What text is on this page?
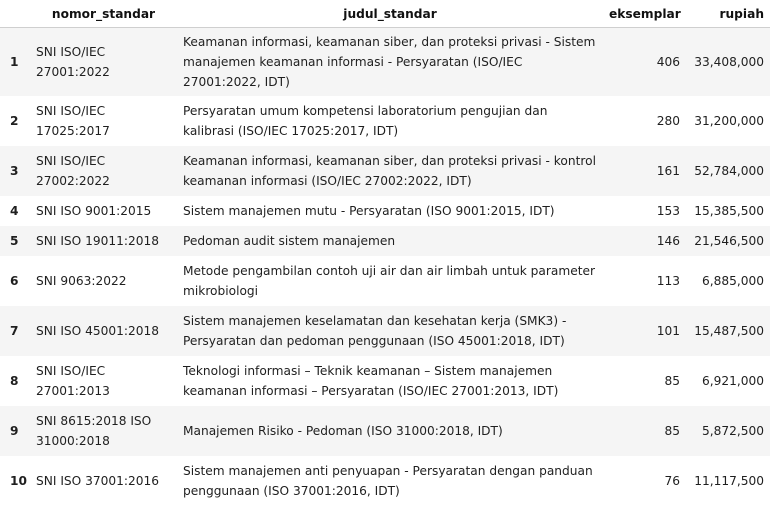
	nomor_standar	judul_standar	eksemplar	rupiah
1	SNI ISO/IEC 27001:2022	Keamanan informasi, keamanan siber, dan proteksi privasi - Sistem manajemen keamanan informasi - Persyaratan (ISO/IEC 27001:2022, IDT)	406	33,408,000
2	SNI ISO/IEC 17025:2017	Persyaratan umum kompetensi laboratorium pengujian dan kalibrasi (ISO/IEC 17025:2017, IDT)	280	31,200,000
3	SNI ISO/IEC 27002:2022	Keamanan informasi, keamanan siber, dan proteksi privasi - kontrol keamanan informasi (ISO/IEC 27002:2022, IDT)	161	52,784,000
4	SNI ISO 9001:2015	Sistem manajemen mutu - Persyaratan (ISO 9001:2015, IDT)	153	15,385,500
5	SNI ISO 19011:2018	Pedoman audit sistem manajemen	146	21,546,500
6	SNI 9063:2022	Metode pengambilan contoh uji air dan air limbah untuk parameter mikrobiologi	113	6,885,000
7	SNI ISO 45001:2018	Sistem manajemen keselamatan dan kesehatan kerja (SMK3) - Persyaratan dan pedoman penggunaan (ISO 45001:2018, IDT)	101	15,487,500
8	SNI ISO/IEC 27001:2013	Teknologi informasi – Teknik keamanan – Sistem manajemen keamanan informasi – Persyaratan (ISO/IEC 27001:2013, IDT)	85	6,921,000
9	SNI 8615:2018 ISO 31000:2018	Manajemen Risiko - Pedoman (ISO 31000:2018, IDT)	85	5,872,500
10	SNI ISO 37001:2016	Sistem manajemen anti penyuapan - Persyaratan dengan panduan penggunaan (ISO 37001:2016, IDT)	76	11,117,500
